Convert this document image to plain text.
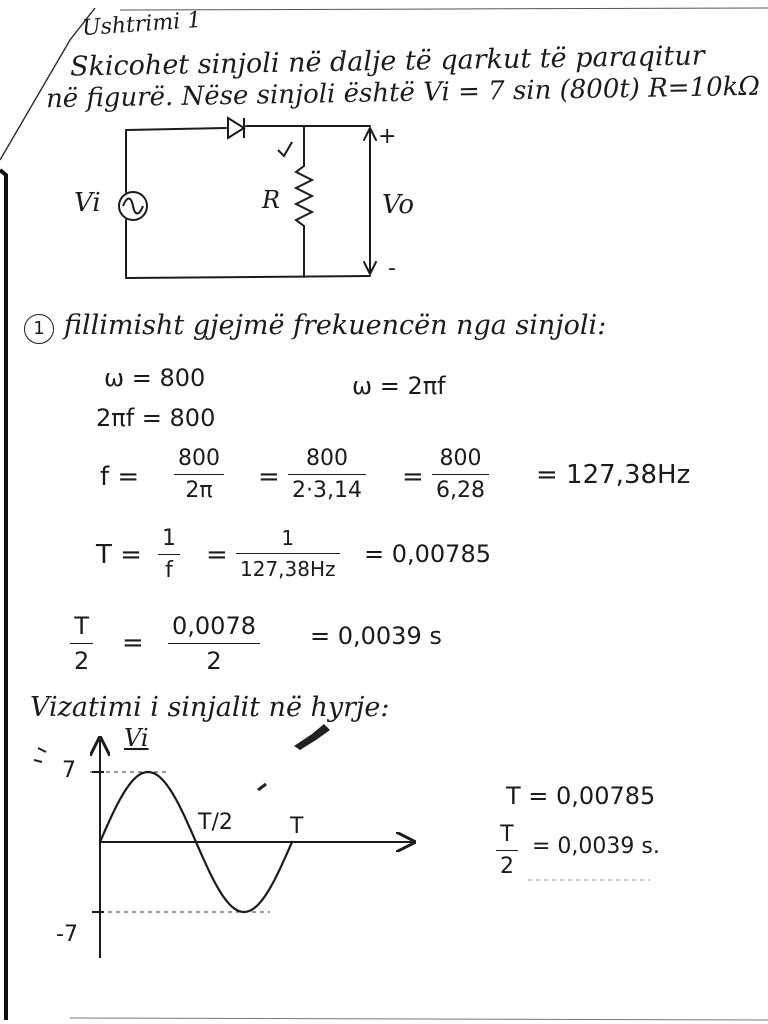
Ushtrimi 1
Skicohet sinjoli në dalje të qarkut të paraqitur
në figurë. Nëse sinjoli është Vi = 7 sin (800t) R=10kΩ
Vi	R	Vo
+
-
1 fillimisht gjejmë frekuencën nga sinjoli:
ω = 800	ω = 2πf
2πf = 800
f =
800
2π =
800
2·3,14 =
800
6,28
= 127,38Hz
T =
1
f
=
1
127,38Hz
= 0,00785
T
2
=
0,0078
2
= 0,0039 s
Vizatimi i sinjalit në hyrje:
Vi
7
-7
T/2	T
T = 0,00785
T
2
= 0,0039 s.
